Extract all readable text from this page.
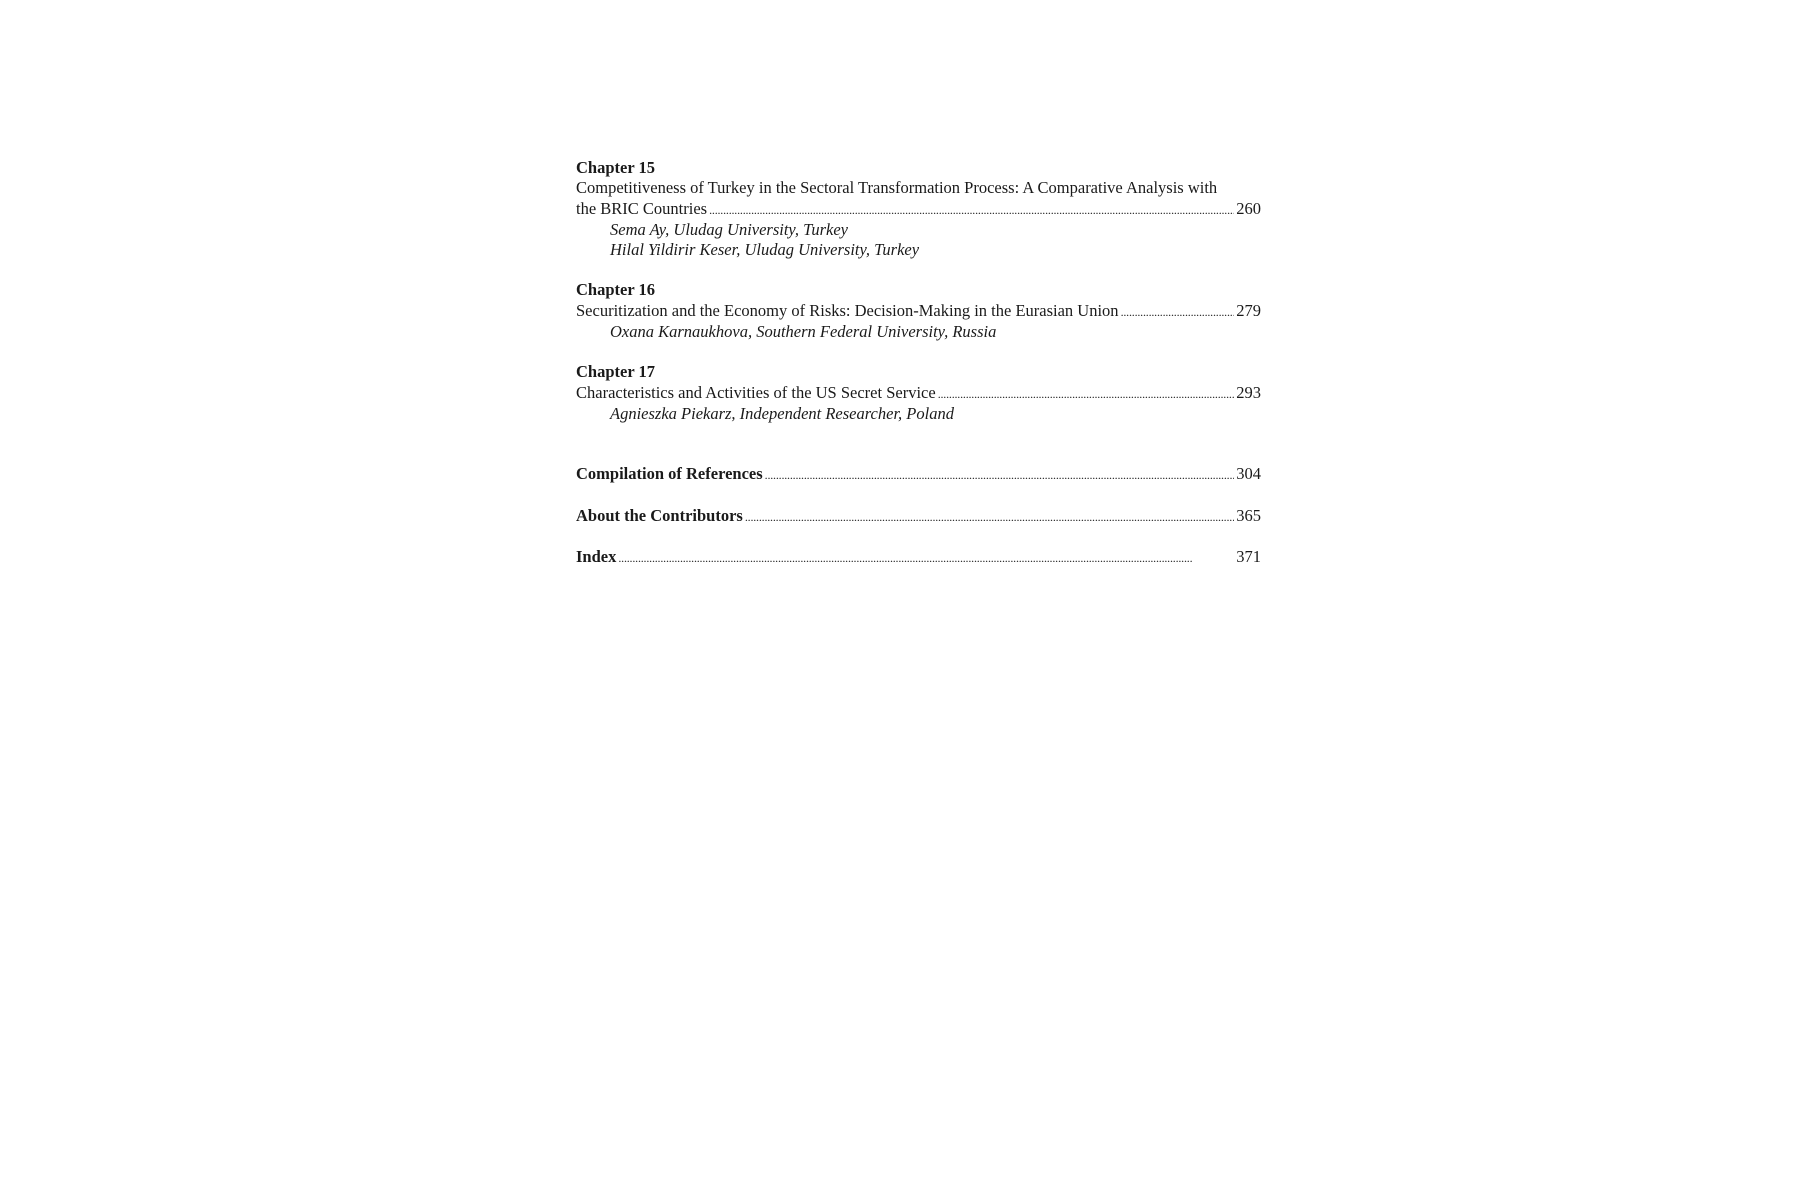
Chapter 15
Competitiveness of Turkey in the Sectoral Transformation Process: A Comparative Analysis with
the BRIC Countries . . .	260
Sema Ay, Uludag University, Turkey
Hilal Yildirir Keser, Uludag University, Turkey
Chapter 16
Securitization and the Economy of Risks: Decision-Making in the Eurasian Union . . .	279
Oxana Karnaukhova, Southern Federal University, Russia
Chapter 17
Characteristics and Activities of the US Secret Service . . .	293
Agnieszka Piekarz, Independent Researcher, Poland
Compilation of References . . .	304
About the Contributors . . .	365
Index . . .	371
